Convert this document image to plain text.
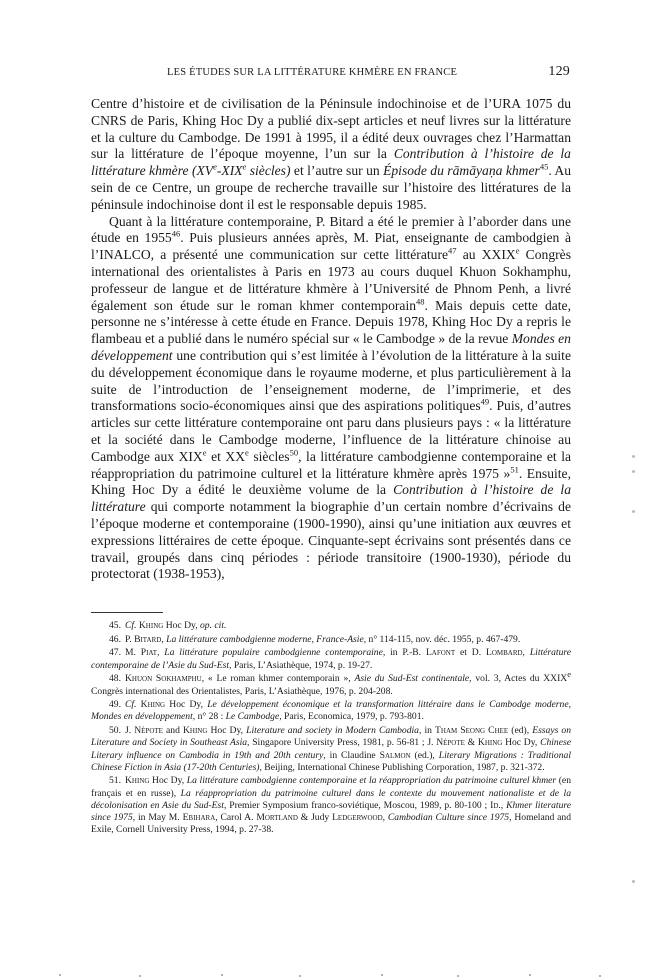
LES ÉTUDES SUR LA LITTÉRATURE KHMÈRE EN FRANCE	129

Centre d’histoire et de civilisation de la Péninsule indochinoise et de l’URA 1075 du CNRS de Paris, Khing Hoc Dy a publié dix-sept articles et neuf livres sur la littérature et la culture du Cambodge. De 1991 à 1995, il a édité deux ouvrages chez l’Harmattan sur la littérature de l’époque moyenne, l’un sur la Contribution à l’histoire de la littérature khmère (XVe-XIXe siècles) et l’autre sur un Épisode du rāmāyaṇa khmer$^{45}$. Au sein de ce Centre, un groupe de recherche travaille sur l’histoire des littératures de la péninsule indochinoise dont il est le responsable depuis 1985.

Quant à la littérature contemporaine, P. Bitard a été le premier à l’aborder dans une étude en 1955$^{46}$. Puis plusieurs années après, M. Piat, enseignante de cambodgien à l’INALCO, a présenté une communication sur cette littérature$^{47}$ au XXIXe Congrès international des orientalistes à Paris en 1973 au cours duquel Khuon Sokhamphu, professeur de langue et de littérature khmère à l’Université de Phnom Penh, a livré également son étude sur le roman khmer contemporain$^{48}$. Mais depuis cette date, personne ne s’intéresse à cette étude en France. Depuis 1978, Khing Hoc Dy a repris le flambeau et a publié dans le numéro spécial sur « le Cambodge » de la revue Mondes en développement une contribution qui s’est limitée à l’évolution de la littérature à la suite du développement économique dans le royaume moderne, et plus particulièrement à la suite de l’introduction de l’enseignement moderne, de l’imprimerie, et des transformations socio-économiques ainsi que des aspirations politiques$^{49}$. Puis, d’autres articles sur cette littérature contemporaine ont paru dans plusieurs pays : « la littérature et la société dans le Cambodge moderne, l’influence de la littérature chinoise au Cambodge aux XIXe et XXe siècles$^{50}$, la littérature cambodgienne contemporaine et la réappropriation du patrimoine culturel et la littérature khmère après 1975 »$^{51}$. Ensuite, Khing Hoc Dy a édité le deuxième volume de la Contribution à l’histoire de la littérature qui comporte notamment la biographie d’un certain nombre d’écrivains de l’époque moderne et contemporaine (1900-1990), ainsi qu’une initiation aux œuvres et expressions littéraires de cette époque. Cinquante-sept écrivains sont présentés dans ce travail, groupés dans cinq périodes : période transitoire (1900-1930), période du protectorat (1938-1953),

45. Cf. Khing Hoc Dy, op. cit.

46. P. Bitard, La littérature cambodgienne moderne, France-Asie, n° 114-115, nov. déc. 1955, p. 467-479.

47. M. Piat, La littérature populaire cambodgienne contemporaine, in P.-B. Lafont et D. Lombard, Littérature contemporaine de l’Asie du Sud-Est, Paris, L’Asiathèque, 1974, p. 19-27.

48. Khuon Sokhamphu, « Le roman khmer contemporain », Asie du Sud-Est continentale, vol. 3, Actes du XXIXe Congrès international des Orientalistes, Paris, L’Asiathèque, 1976, p. 204-208.

49. Cf. Khing Hoc Dy, Le développement économique et la transformation littéraire dans le Cambodge moderne, Mondes en développement, n° 28 : Le Cambodge, Paris, Economica, 1979, p. 793-801.

50. J. Népote and Khing Hoc Dy, Literature and society in Modern Cambodia, in Tham Seong Chee (ed), Essays on Literature and Society in Southeast Asia, Singapore University Press, 1981, p. 56-81 ; J. Népote & Khing Hoc Dy, Chinese Literary influence on Cambodia in 19th and 20th century, in Claudine Salmon (ed.), Literary Migrations : Traditional Chinese Fiction in Asia (17-20th Centuries), Beijing, International Chinese Publishing Corporation, 1987, p. 321-372.

51. Khing Hoc Dy, La littérature cambodgienne contemporaine et la réappropriation du patrimoine culturel khmer (en français et en russe), La réappropriation du patrimoine culturel dans le contexte du mouvement nationaliste et de la décolonisation en Asie du Sud-Est, Premier Symposium franco-soviétique, Moscou, 1989, p. 80-100 ; Id., Khmer literature since 1975, in May M. Ebihara, Carol A. Mortland & Judy Ledgerwood, Cambodian Culture since 1975, Homeland and Exile, Cornell University Press, 1994, p. 27-38.
